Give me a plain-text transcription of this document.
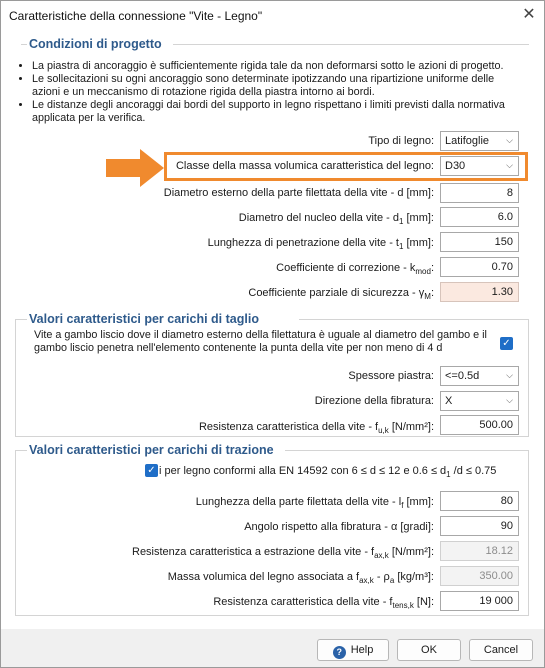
Caratteristiche della connessione "Vite - Legno"	✕
Condizioni di progetto
• La piastra di ancoraggio è sufficientemente rigida tale da non deformarsi sotto le azioni di progetto.
• Le sollecitazioni su ogni ancoraggio sono determinate ipotizzando una ripartizione uniforme delle azioni e un meccanismo di rotazione rigida della piastra intorno ai bordi.
• Le distanze degli ancoraggi dai bordi del supporto in legno rispettano i limiti previsti dalla normativa applicata per la verifica.
Tipo di legno:	Latifoglie ⌵
Classe della massa volumica caratteristica del legno:	D30	⌵
Diametro esterno della parte filettata della vite - d [mm]:	8
Diametro del nucleo della vite - $d_1$ [mm]:	6.0
Lunghezza di penetrazione della vite - $t_1$ [mm]:	150
Coefficiente di correzione - $k_{mod}$:	0.70
Coefficiente parziale di sicurezza - $\gamma_M$:	1.30
Valori caratteristici per carichi di taglio
Vite a gambo liscio dove il diametro esterno della filettatura è uguale al diametro del gambo e il gambo liscio penetra nell'elemento contenente la punta della vite per non meno di 4 d	✓
Spessore piastra:	<=0.5d	⌵
Direzione della fibratura:	X	⌵
Resistenza caratteristica della vite - $f_{u,k}$ [N/mm²]:	500.00
Valori caratteristici per carichi di trazione
✓ i per legno conformi alla EN 14592 con 6 ≤ d ≤ 12 e $0.6 \le d_1$ /d ≤ 0.75
Lunghezza della parte filettata della vite - $l_f$ [mm]:	80
Angolo rispetto alla fibratura - α [gradi]:	90
Resistenza caratteristica a estrazione della vite - $f_{ax,k}$ [N/mm²]:	18.12
Massa volumica del legno associata a $f_{ax,k} - \rho_a$ [kg/m³]:	350.00
Resistenza caratteristica della vite - $f_{tens,k}$ [N]:	19 000
? Help	OK	Cancel
